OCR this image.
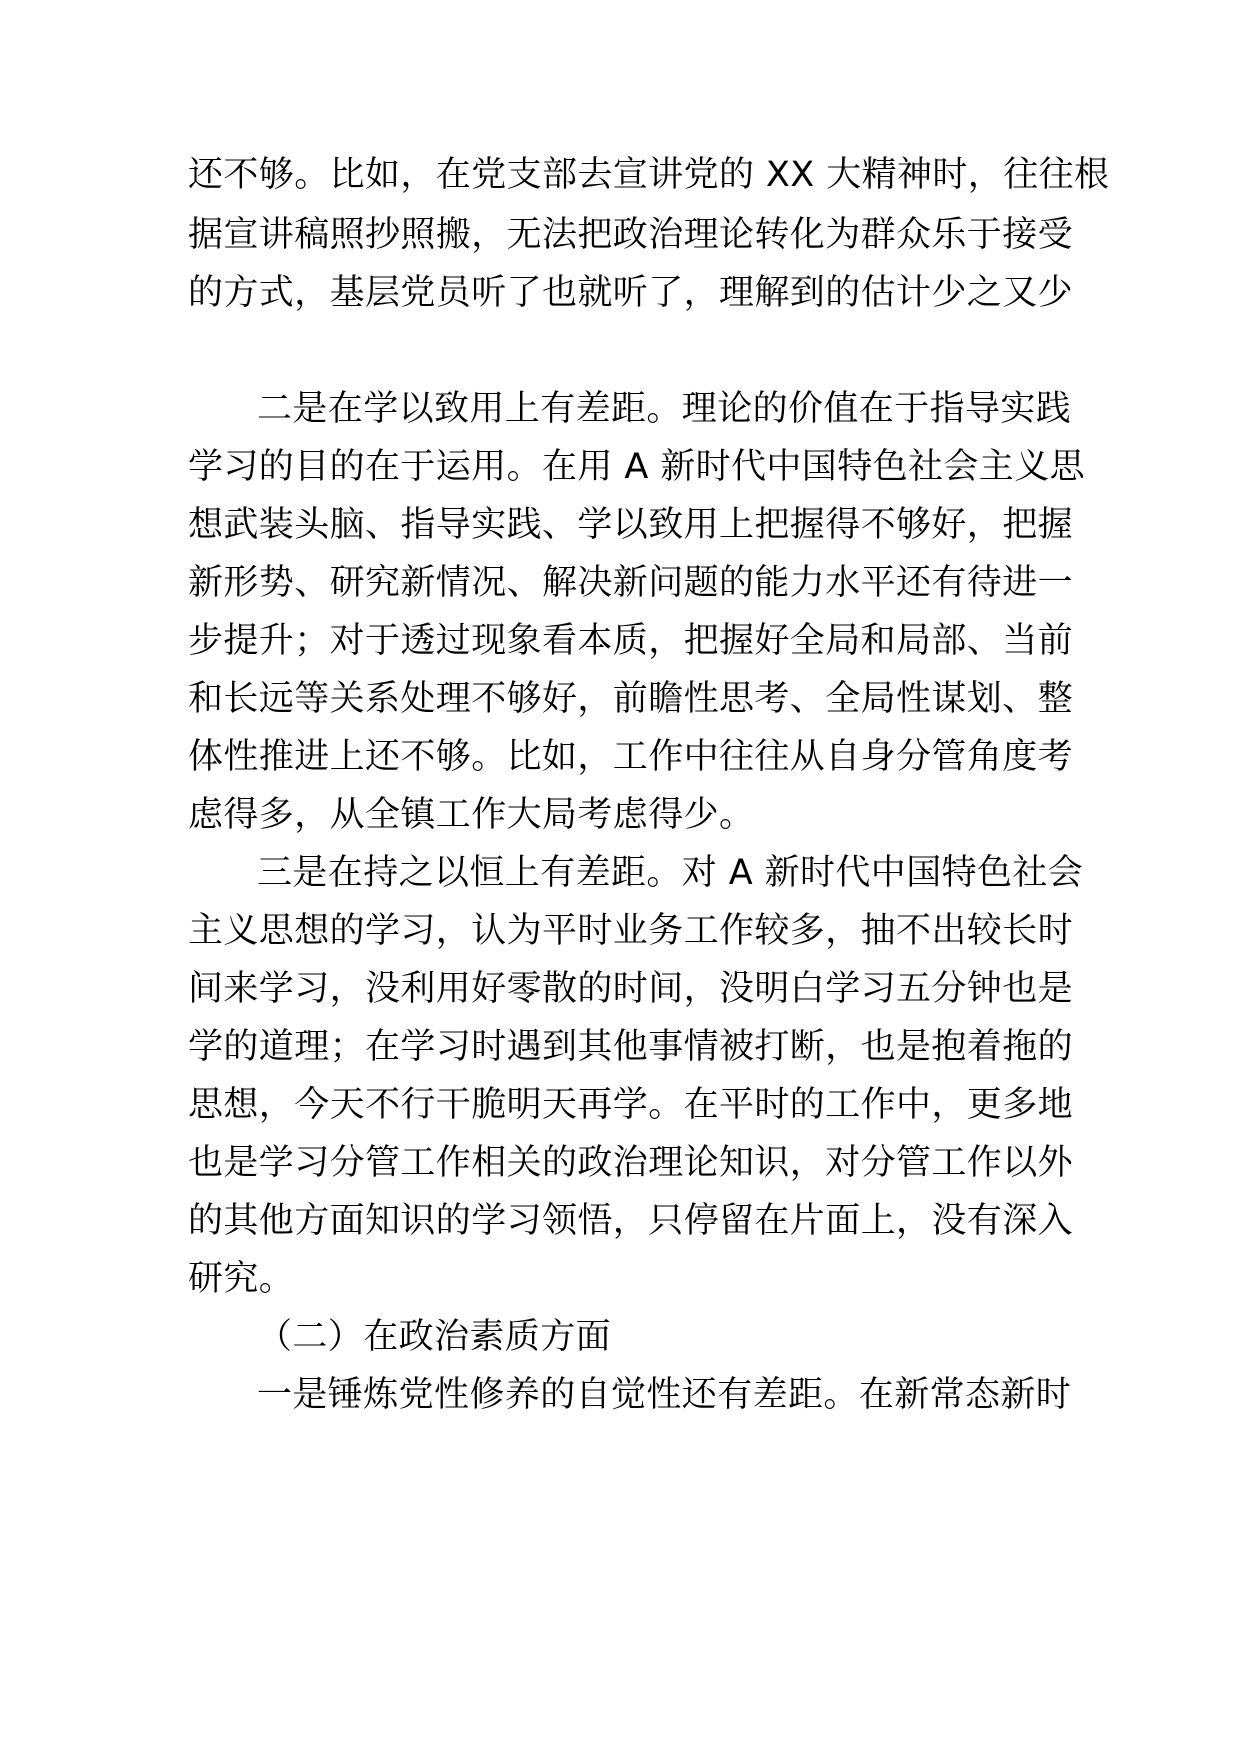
还不够。比如，在党支部去宣讲党的 XX 大精神时，往往根
据宣讲稿照抄照搬，无法把政治理论转化为群众乐于接受
的方式，基层党员听了也就听了，理解到的估计少之又少
二是在学以致用上有差距。理论的价值在于指导实践
学习的目的在于运用。在用 A 新时代中国特色社会主义思
想武装头脑、指导实践、学以致用上把握得不够好，把握
新形势、研究新情况、解决新问题的能力水平还有待进一
步提升；对于透过现象看本质，把握好全局和局部、当前
和长远等关系处理不够好，前瞻性思考、全局性谋划、整
体性推进上还不够。比如，工作中往往从自身分管角度考
虑得多，从全镇工作大局考虑得少。
三是在持之以恒上有差距。对 A 新时代中国特色社会
主义思想的学习，认为平时业务工作较多，抽不出较长时
间来学习，没利用好零散的时间，没明白学习五分钟也是
学的道理；在学习时遇到其他事情被打断，也是抱着拖的
思想，今天不行干脆明天再学。在平时的工作中，更多地
也是学习分管工作相关的政治理论知识，对分管工作以外
的其他方面知识的学习领悟，只停留在片面上，没有深入
研究。
（二）在政治素质方面
一是锤炼党性修养的自觉性还有差距。在新常态新时
